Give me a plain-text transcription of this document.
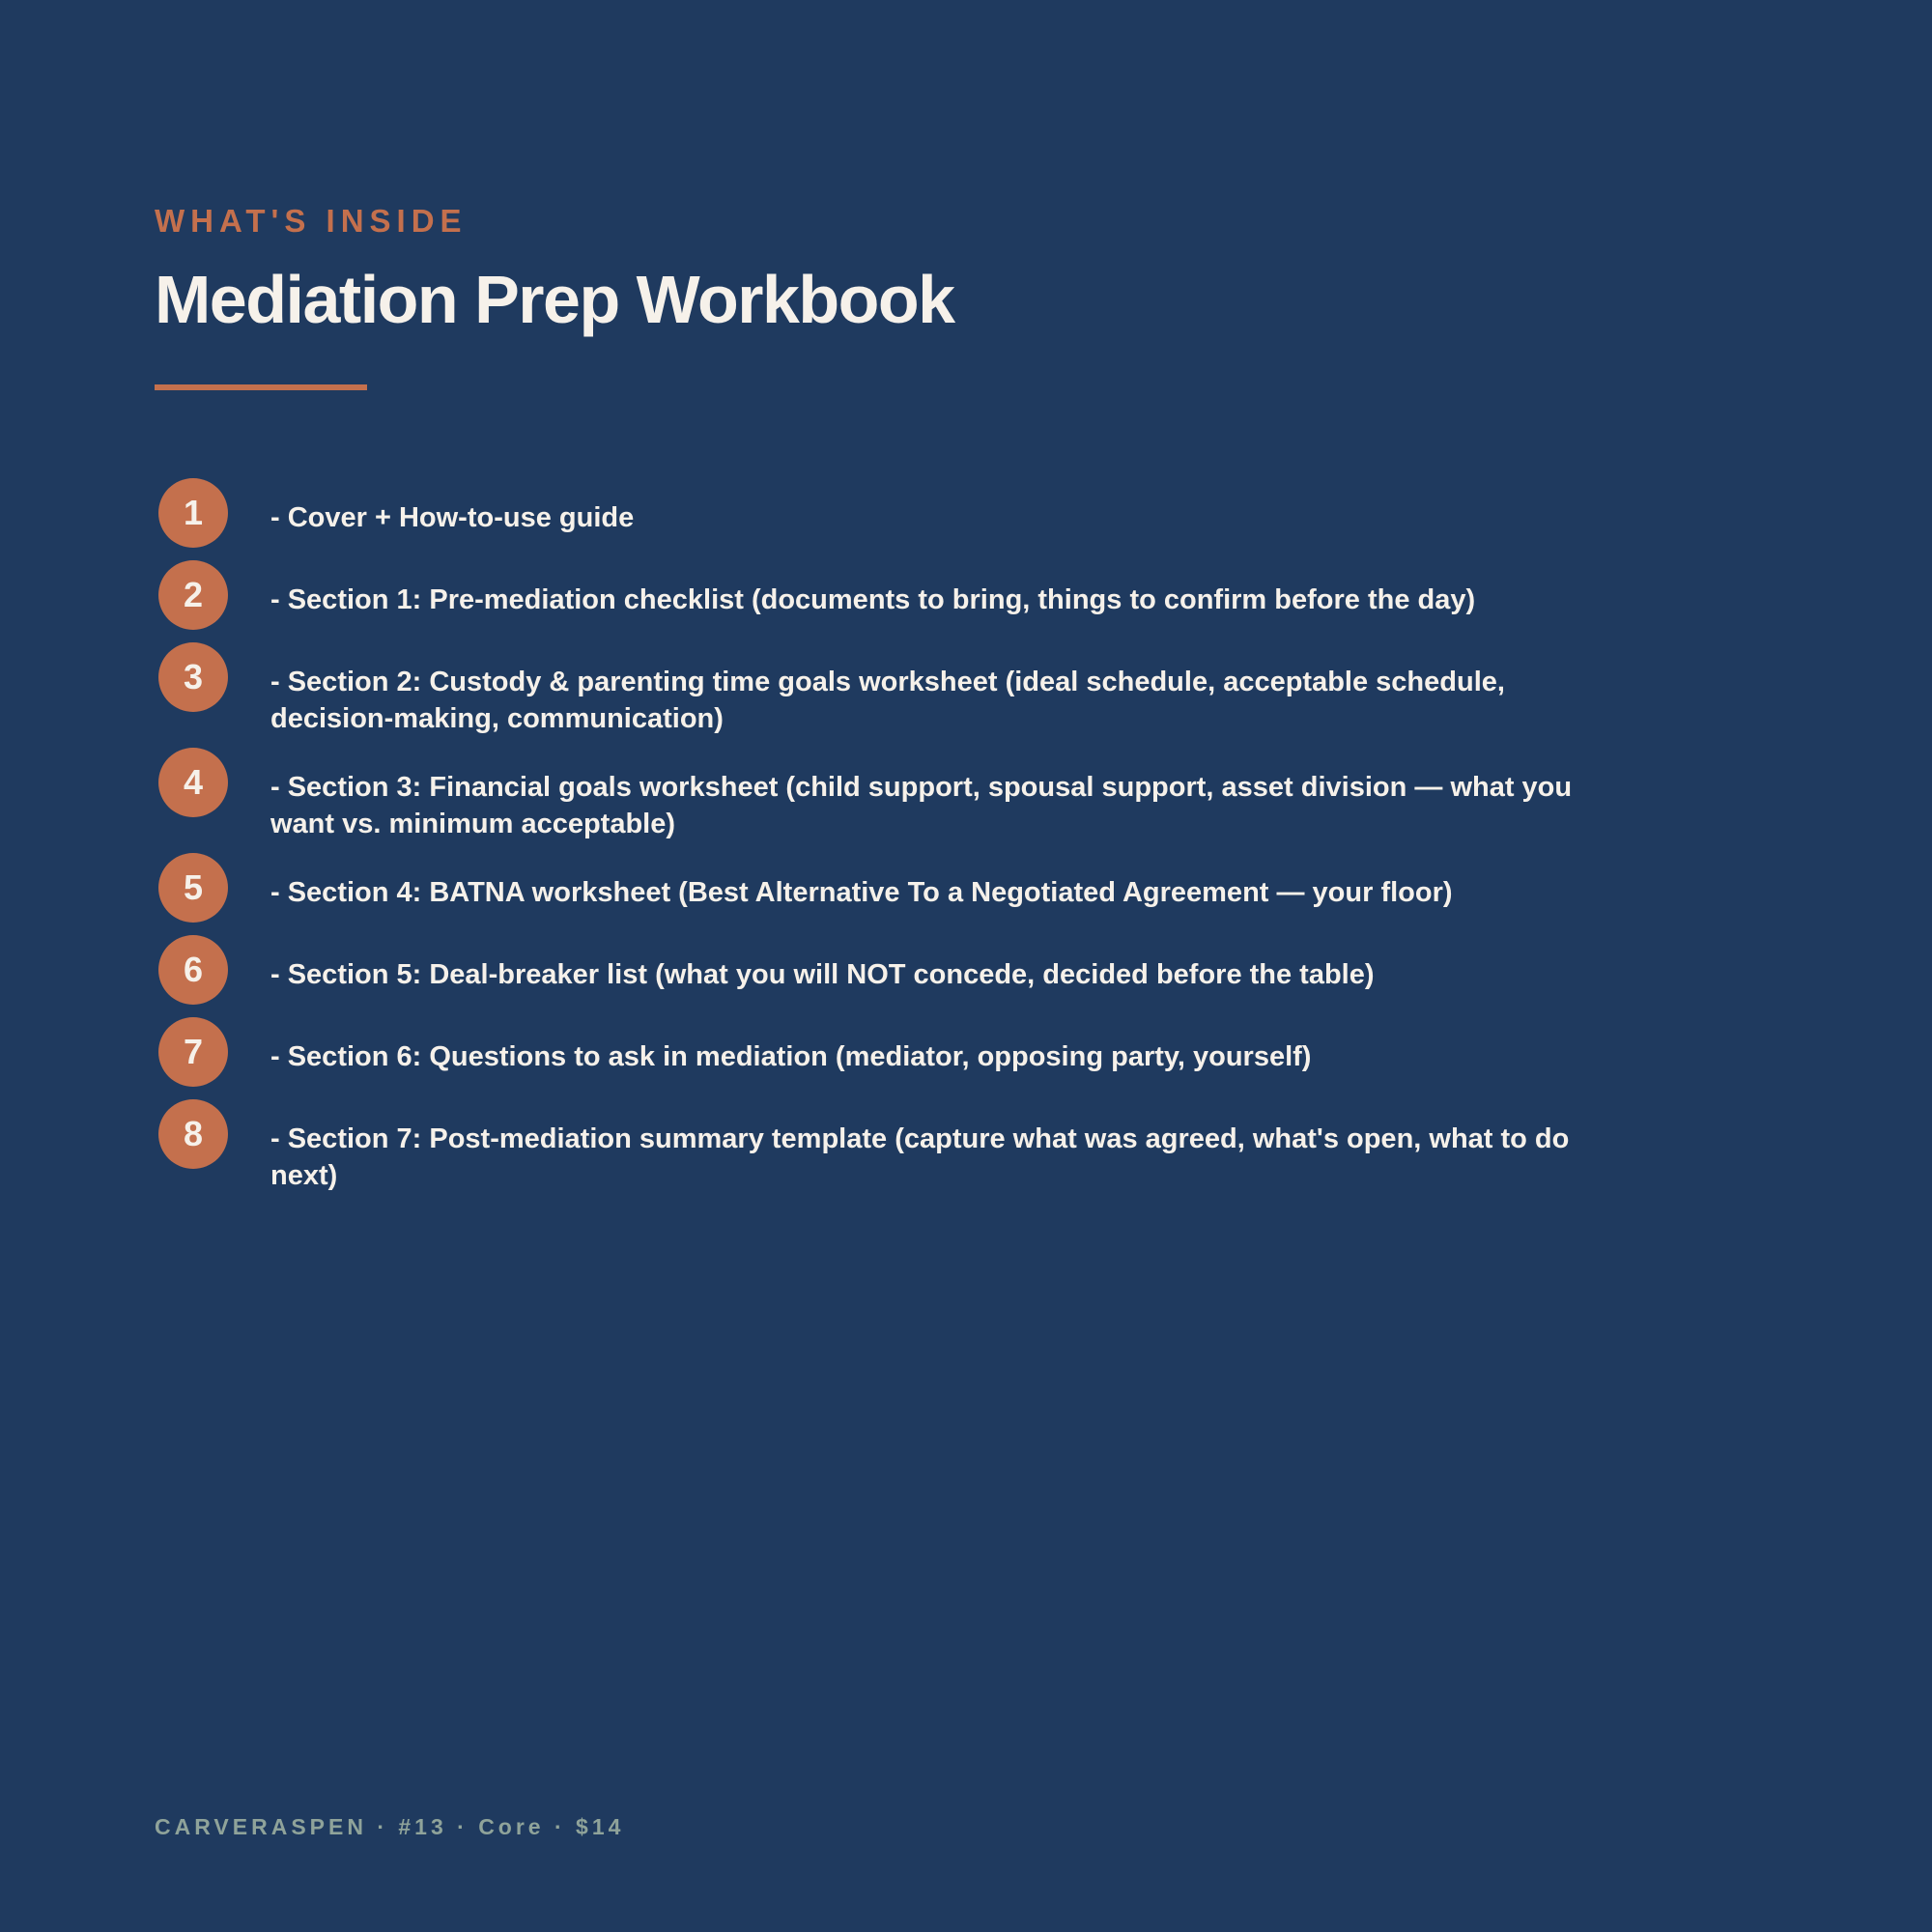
WHAT'S INSIDE
Mediation Prep Workbook
1	- Cover + How-to-use guide
2	- Section 1: Pre-mediation checklist (documents to bring, things to confirm before the day)
3	- Section 2: Custody & parenting time goals worksheet (ideal schedule, acceptable schedule, decision-making, communication)
4	- Section 3: Financial goals worksheet (child support, spousal support, asset division — what you want vs. minimum acceptable)
5	- Section 4: BATNA worksheet (Best Alternative To a Negotiated Agreement — your floor)
6	- Section 5: Deal-breaker list (what you will NOT concede, decided before the table)
7	- Section 6: Questions to ask in mediation (mediator, opposing party, yourself)
8	- Section 7: Post-mediation summary template (capture what was agreed, what's open, what to do next)
CARVERASPEN · #13 · Core · $14
